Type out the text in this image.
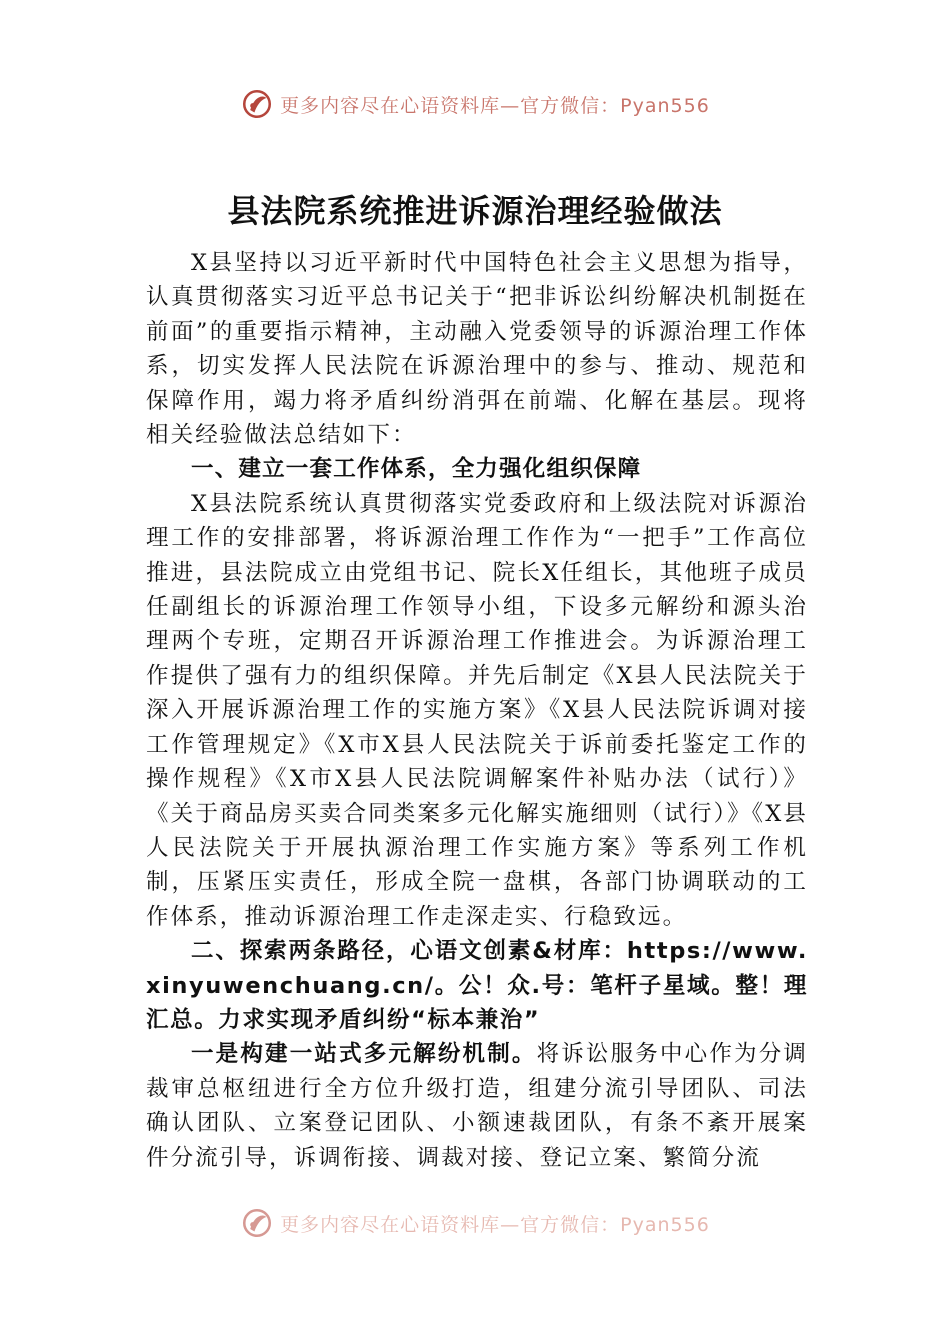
更多内容尽在心语资料库—官方微信：Pyan556
县法院系统推进诉源治理经验做法

X县坚持以习近平新时代中国特色社会主义思想为指导，认真贯彻落实习近平总书记关于“把非诉讼纠纷解决机制挺在前面”的重要指示精神，主动融入党委领导的诉源治理工作体系，切实发挥人民法院在诉源治理中的参与、推动、规范和保障作用，竭力将矛盾纠纷消弭在前端、化解在基层。现将相关经验做法总结如下：

一、建立一套工作体系，全力强化组织保障

X县法院系统认真贯彻落实党委政府和上级法院对诉源治理工作的安排部署，将诉源治理工作作为“一把手”工作高位推进，县法院成立由党组书记、院长X任组长，其他班子成员任副组长的诉源治理工作领导小组，下设多元解纷和源头治理两个专班，定期召开诉源治理工作推进会。为诉源治理工作提供了强有力的组织保障。并先后制定《X县人民法院关于深入开展诉源治理工作的实施方案》《X县人民法院诉调对接工作管理规定》《X市X县人民法院关于诉前委托鉴定工作的操作规程》《X市X县人民法院调解案件补贴办法（试行）》《关于商品房买卖合同类案多元化解实施细则（试行）》《X县人民法院关于开展执源治理工作实施方案》等系列工作机制，压紧压实责任，形成全院一盘棋，各部门协调联动的工作体系，推动诉源治理工作走深走实、行稳致远。

二、探索两条路径，心语文创素&材库：https://www.xinyuwenchuang.cn/。公！众.号：笔杆子星域。整！理汇总。力求实现矛盾纠纷“标本兼治”

一是构建一站式多元解纷机制。将诉讼服务中心作为分调裁审总枢纽进行全方位升级打造，组建分流引导团队、司法确认团队、立案登记团队、小额速裁团队，有条不紊开展案件分流引导，诉调衔接、调裁对接、登记立案、繁简分流

更多内容尽在心语资料库—官方微信：Pyan556
